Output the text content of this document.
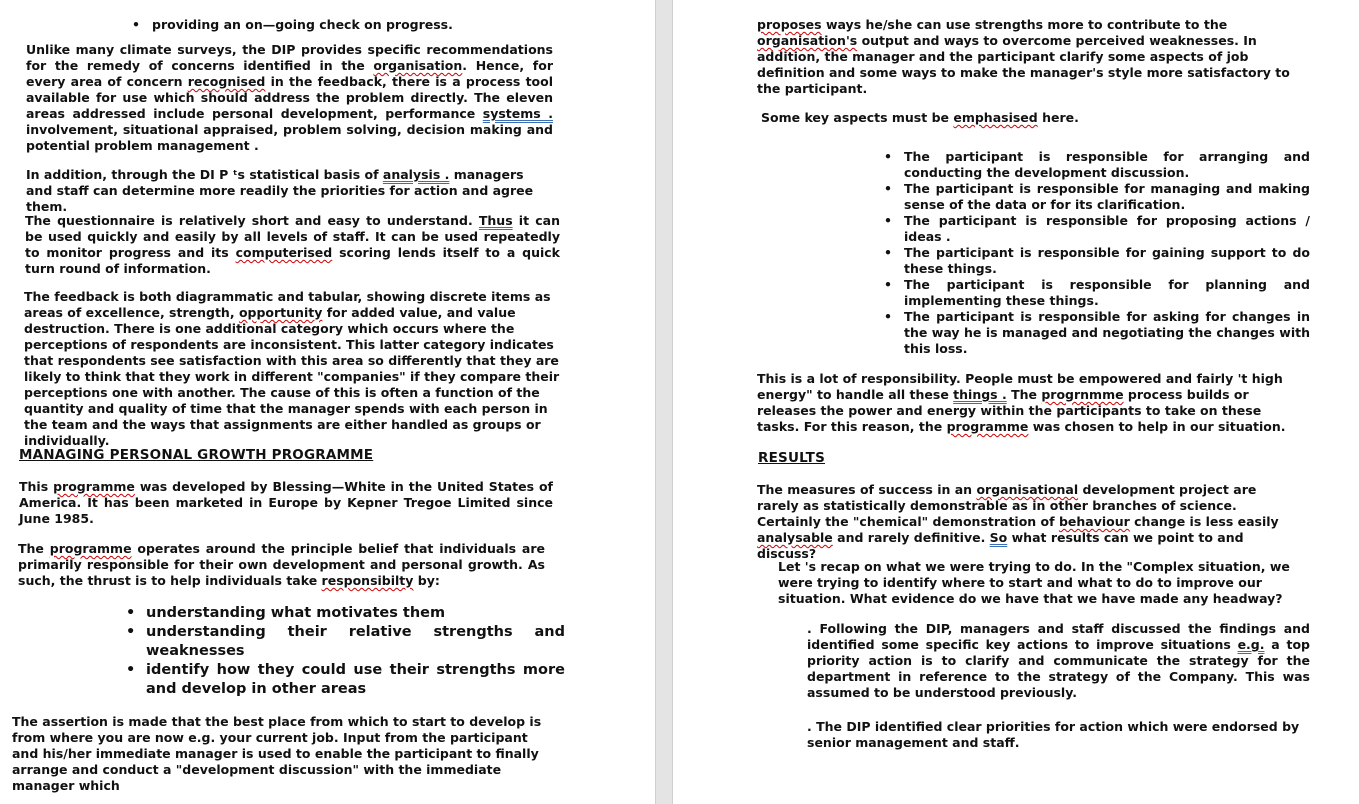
• providing an on—going check on progress.

Unlike many climate surveys, the DIP provides specific recommendations for the remedy of concerns identified in the organisation. Hence, for every area of concern recognised in the feedback, there is a process tool available for use which should address the problem directly. The eleven areas addressed include personal development, performance systems . involvement, situational appraised, problem solving, decision making and potential problem management .

In addition, through the DI P ᵗs statistical basis of analysis . managers and staff can determine more readily the priorities for action and agree them.

The questionnaire is relatively short and easy to understand. Thus it can be used quickly and easily by all levels of staff. It can be used repeatedly to monitor progress and its computerised scoring lends itself to a quick turn round of information.

The feedback is both diagrammatic and tabular, showing discrete items as areas of excellence, strength, opportunity for added value, and value destruction. There is one additional category which occurs where the perceptions of respondents are inconsistent. This latter category indicates that respondents see satisfaction with this area so differently that they are likely to think that they work in different "companies" if they compare their perceptions one with another. The cause of this is often a function of the quantity and quality of time that the manager spends with each person in the team and the ways that assignments are either handled as groups or individually.

MANAGING PERSONAL GROWTH PROGRAMME

This programme was developed by Blessing—White in the United States of America. It has been marketed in Europe by Kepner Tregoe Limited since June 1985.

The programme operates around the principle belief that individuals are primarily responsible for their own development and personal growth. As such, the thrust is to help individuals take responsibilty by:

• understanding what motivates them
• understanding their relative strengths and weaknesses
• identify how they could use their strengths more and develop in other areas

The assertion is made that the best place from which to start to develop is from where you are now e.g. your current job. Input from the participant and his/her immediate manager is used to enable the participant to finally arrange and conduct a "development discussion" with the immediate manager which

proposes ways he/she can use strengths more to contribute to the organisation's output and ways to overcome perceived weaknesses. In addition, the manager and the participant clarify some aspects of job definition and some ways to make the manager's style more satisfactory to the participant.

Some key aspects must be emphasised here.

• The participant is responsible for arranging and conducting the development discussion.
• The participant is responsible for managing and making sense of the data or for its clarification.
• The participant is responsible for proposing actions / ideas .
• The participant is responsible for gaining support to do these things.
• The participant is responsible for planning and implementing these things.
• The participant is responsible for asking for changes in the way he is managed and negotiating the changes with this loss.

This is a lot of responsibility. People must be empowered and fairly 't high energy" to handle all these things . The progrnmme process builds or releases the power and energy within the participants to take on these tasks. For this reason, the programme was chosen to help in our situation.

RESULTS

The measures of success in an organisational development project are rarely as statistically demonstrable as in other branches of science. Certainly the "chemical" demonstration of behaviour change is less easily analysable and rarely definitive. So what results can we point to and discuss?

Let 's recap on what we were trying to do. In the "Complex situation, we were trying to identify where to start and what to do to improve our situation. What evidence do we have that we have made any headway?

. Following the DIP, managers and staff discussed the findings and identified some specific key actions to improve situations e.g. a top priority action is to clarify and communicate the strategy for the department in reference to the strategy of the Company. This was assumed to be understood previously.

. The DIP identified clear priorities for action which were endorsed by senior management and staff.
